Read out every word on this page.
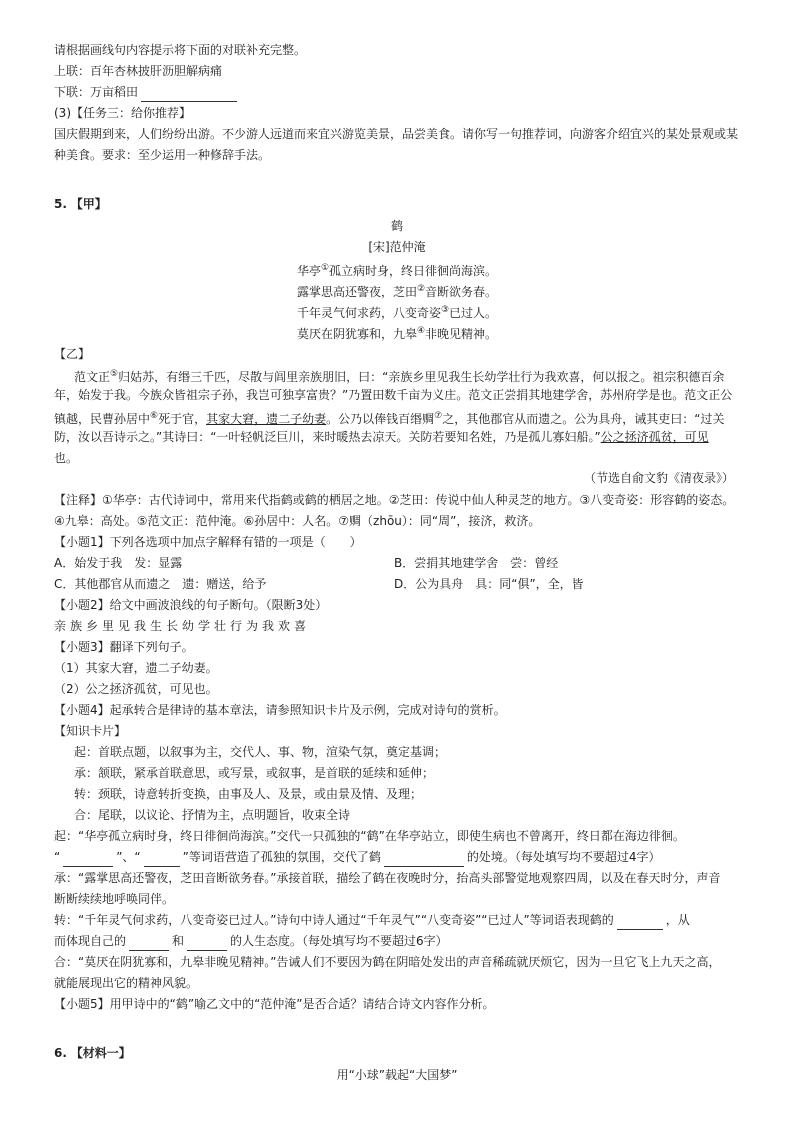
请根据画线句内容提示将下面的对联补充完整。
上联：百年杏林披肝沥胆解病痛
下联：万亩稻田
(3)【任务三：给你推荐】
国庆假期到来，人们纷纷出游。不少游人远道而来宜兴游览美景，品尝美食。请你写一句推荐词，向游客介绍宜兴的某处景观或某
种美食。要求：至少运用一种修辞手法。
5. 【甲】
鹤
[宋]范仲淹
华亭①孤立病时身，终日徘徊尚海滨。
露掌思高还警夜，芝田②音断欲务春。
千年灵气何求药，八变奇姿③已过人。
莫厌在阴犹寡和，九皋④非晚见精神。
【乙】
范文正⑤归姑苏，有缗三千匹，尽散与闾里亲族朋旧，曰：“亲族乡里见我生长幼学壮行为我欢喜，何以报之。祖宗积德百余
年，始发于我。今族众皆祖宗子孙，我岂可独享富贵？”乃置田数千亩为义庄。范文正尝捐其地建学舍，苏州府学是也。范文正公
镇越，民曹孙居中⑥死于官，其家大窘，遗二子幼妻。公乃以俸钱百缗赒⑦之，其他郡官从而遗之。公为具舟，诫其吏曰：“过关
防，汝以吾诗示之。”其诗曰：“一叶轻帆泛巨川，来时暖热去凉天。关防若要知名姓，乃是孤儿寡妇船。”公之拯济孤贫，可见
也。
（节选自俞文豹《清夜录》）
【注释】①华亭：古代诗词中，常用来代指鹤或鹤的栖居之地。②芝田：传说中仙人种灵芝的地方。③八变奇姿：形容鹤的姿态。
④九皋：高处。⑤范文正：范仲淹。⑥孙居中：人名。⑦赒（zhōu）：同“周”，接济，救济。
【小题1】下列各选项中加点字解释有错的一项是（　　）
A．始发于我　发：显露	B．尝捐其地建学舍　尝：曾经
C．其他郡官从而遗之　遗：赠送，给予	D．公为具舟　具：同“俱”，全，皆
【小题2】给文中画波浪线的句子断句。（限断3处）
亲族乡里见我生长幼学壮行为我欢喜
【小题3】翻译下列句子。
（1）其家大窘，遗二子幼妻。
（2）公之拯济孤贫，可见也。
【小题4】起承转合是律诗的基本章法，请参照知识卡片及示例，完成对诗句的赏析。
【知识卡片】
起：首联点题，以叙事为主，交代人、事、物，渲染气氛，奠定基调；
承：颔联，紧承首联意思，或写景，或叙事，是首联的延续和延伸；
转：颈联，诗意转折变换，由事及人、及景，或由景及情、及理；
合：尾联，以议论、抒情为主，点明题旨，收束全诗
起：“华亭孤立病时身，终日徘徊尚海滨。”交代一只孤独的“鹤”在华亭站立，即使生病也不曾离开，终日都在海边徘徊。
“	”、“	”等词语营造了孤独的氛围，交代了鹤	的处境。（每处填写均不要超过4字）
承：“露掌思高还警夜，芝田音断欲务春。”承接首联，描绘了鹤在夜晚时分，抬高头部警觉地观察四周，以及在春天时分，声音
断断续续地呼唤同伴。
转：“千年灵气何求药，八变奇姿已过人。”诗句中诗人通过“千年灵气”“八变奇姿”“已过人”等词语表现鹤的	，从
而体现自己的	和	的人生态度。（每处填写均不要超过6字）
合：“莫厌在阴犹寡和，九皋非晚见精神。”告诫人们不要因为鹤在阴暗处发出的声音稀疏就厌烦它，因为一旦它飞上九天之高，
就能展现出它的精神风貌。
【小题5】用甲诗中的“鹤”喻乙文中的“范仲淹”是否合适？请结合诗文内容作分析。
6. 【材料一】
用“小球”载起“大国梦”
